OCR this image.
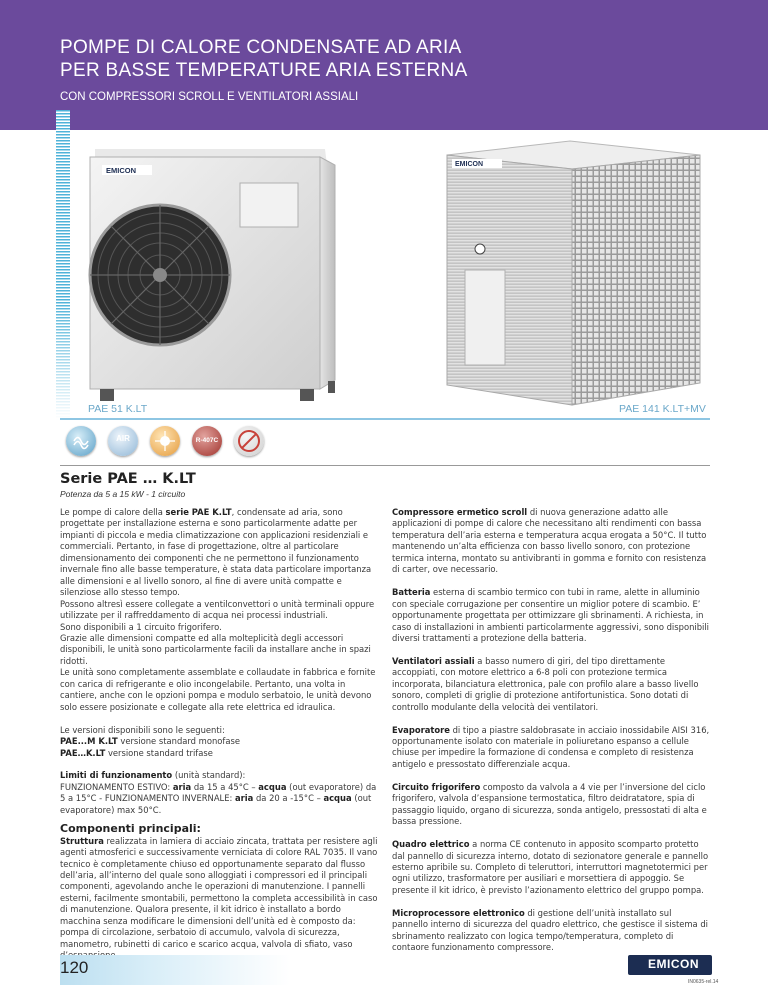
POMPE DI CALORE CONDENSATE AD ARIA
PER BASSE TEMPERATURE ARIA ESTERNA
CON COMPRESSORI SCROLL E VENTILATORI ASSIALI
EMICON
EMICON
PAE 51 K.LT	PAE 141 K.LT+MV
AIR	R-407C
Serie PAE … K.LT
Potenza da 5 a 15 kW - 1 circuito

Le pompe di calore della serie PAE K.LT, condensate ad aria, sono progettate per installazione esterna e sono particolarmente adatte per impianti di piccola e media climatizzazione con applicazioni residenziali e commerciali. Pertanto, in fase di progettazione, oltre al particolare dimensionamento dei componenti che ne permettono il funzionamento invernale fino alle basse temperature, è stata data particolare importanza alle dimensioni e al livello sonoro, al fine di avere unità compatte e silenziose allo stesso tempo.

Possono altresì essere collegate a ventilconvettori o unità terminali oppure utilizzate per il raffreddamento di acqua nei processi industriali.

Sono disponibili a 1 circuito frigorifero.

Grazie alle dimensioni compatte ed alla molteplicità degli accessori disponibili, le unità sono particolarmente facili da installare anche in spazi ridotti.

Le unità sono completamente assemblate e collaudate in fabbrica e fornite con carica di refrigerante e olio incongelabile. Pertanto, una volta in cantiere, anche con le opzioni pompa e modulo serbatoio, le unità devono solo essere posizionate e collegate alla rete elettrica ed idraulica.

Le versioni disponibili sono le seguenti:

PAE...M K.LT versione standard monofase

PAE…K.LT versione standard trifase

Limiti di funzionamento (unità standard):

FUNZIONAMENTO ESTIVO: aria da 15 a 45°C – acqua (out evaporatore) da 5 a 15°C - FUNZIONAMENTO INVERNALE: aria da 20 a -15°C – acqua (out evaporatore) max 50°C.

Componenti principali:

Struttura realizzata in lamiera di acciaio zincata, trattata per resistere agli agenti atmosferici e successivamente verniciata di colore RAL 7035. Il vano tecnico è completamente chiuso ed opportunamente separato dal flusso dell’aria, all’interno del quale sono alloggiati i compressori ed il principali componenti, agevolando anche le operazioni di manutenzione. I pannelli esterni, facilmente smontabili, permettono la completa accessibilità in caso di manutenzione. Qualora presente, il kit idrico è installato a bordo macchina senza modificare le dimensioni dell’unità ed è composto da: pompa di circolazione, serbatoio di accumulo, valvola di sicurezza, manometro, rubinetti di carico e scarico acqua, valvola di sfiato, vaso

Compressore ermetico scroll di nuova generazione adatto alle applicazioni di pompe di calore che necessitano alti rendimenti con bassa temperatura dell’aria esterna e temperatura acqua erogata a 50°C. Il tutto mantenendo un’alta efficienza con basso livello sonoro, con protezione termica interna, montato su antivibranti in gomma e fornito con resistenza di carter, ove necessario.

Batteria esterna di scambio termico con tubi in rame, alette in alluminio con speciale corrugazione per consentire un miglior potere di scambio. E’ opportunamente progettata per ottimizzare gli sbrinamenti. A richiesta, in caso di installazioni in ambienti particolarmente aggressivi, sono disponibili diversi trattamenti a protezione della batteria.

Ventilatori assiali a basso numero di giri, del tipo direttamente accoppiati, con motore elettrico a 6-8 poli con protezione termica incorporata, bilanciatura elettronica, pale con profilo alare a basso livello sonoro, completi di griglie di protezione antifortunistica. Sono dotati di controllo modulante della velocità dei ventilatori.

Evaporatore di tipo a piastre saldobrasate in acciaio inossidabile AISI 316, opportunamente isolato con materiale in poliuretano espanso a cellule chiuse per impedire la formazione di condensa e completo di resistenza antigelo e pressostato differenziale acqua.

Circuito frigorifero composto da valvola a 4 vie per l’inversione del ciclo frigorifero, valvola d’espansione termostatica, filtro deidratatore, spia di passaggio liquido, organo di sicurezza, sonda antigelo, pressostati di alta e bassa pressione.

Quadro elettrico a norma CE contenuto in apposito scomparto protetto dal pannello di sicurezza interno, dotato di sezionatore generale e pannello esterno apribile su. Completo di teleruttori, interruttori magnetotermici per ogni utilizzo, trasformatore per ausiliari e morsettiera di appoggio. Se presente il kit idrico, è previsto l’azionamento elettrico del gruppo pompa.

Microprocessore elettronico di gestione dell’unità installato sul pannello interno di sicurezza del quadro elettrico, che gestisce il sistema di sbrinamento realizzato con logica tempo/temperatura, completo di contaore funzionamento compressore.

120	EMICON
IN0635-rel.14
